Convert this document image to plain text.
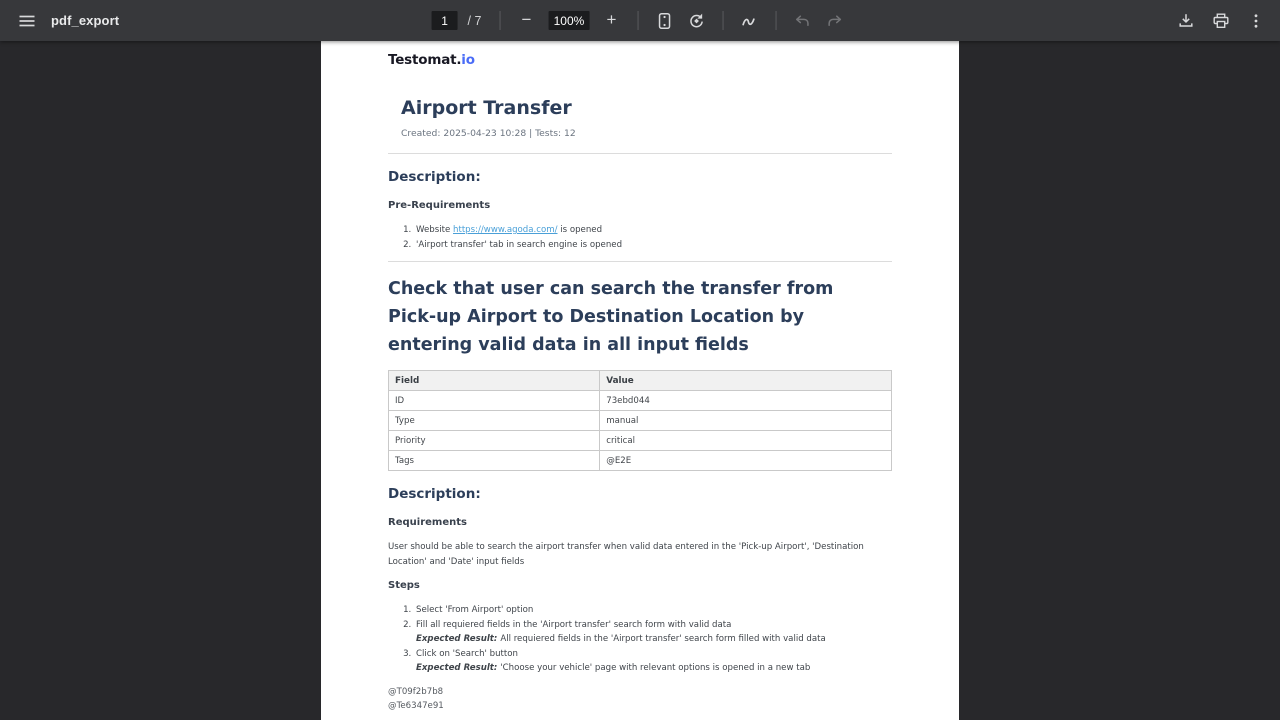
pdf_export
1	/ 7	−
100%	+
Testomat.io
Airport Transfer
Created: 2025-04-23 10:28 | Tests: 12
Description:
Pre-Requirements
1. Website https://www.agoda.com/ is opened
2. 'Airport transfer' tab in search engine is opened
Check that user can search the transfer from Pick-up Airport to Destination Location by entering valid data in all input fields
Field	Value
ID	73ebd044
Type	manual
Priority	critical
Tags	@E2E
Description:
Requirements

User should be able to search the airport transfer when valid data entered in the 'Pick-up Airport', 'Destination Location' and 'Date' input fields

Steps
1. Select 'From Airport' option
2. Fill all requiered fields in the 'Airport transfer' search form with valid data
Expected Result: All requiered fields in the 'Airport transfer' search form filled with valid data
3. Click on 'Search' button
Expected Result: 'Choose your vehicle' page with relevant options is opened in a new tab
@T09f2b7b8
@Te6347e91
